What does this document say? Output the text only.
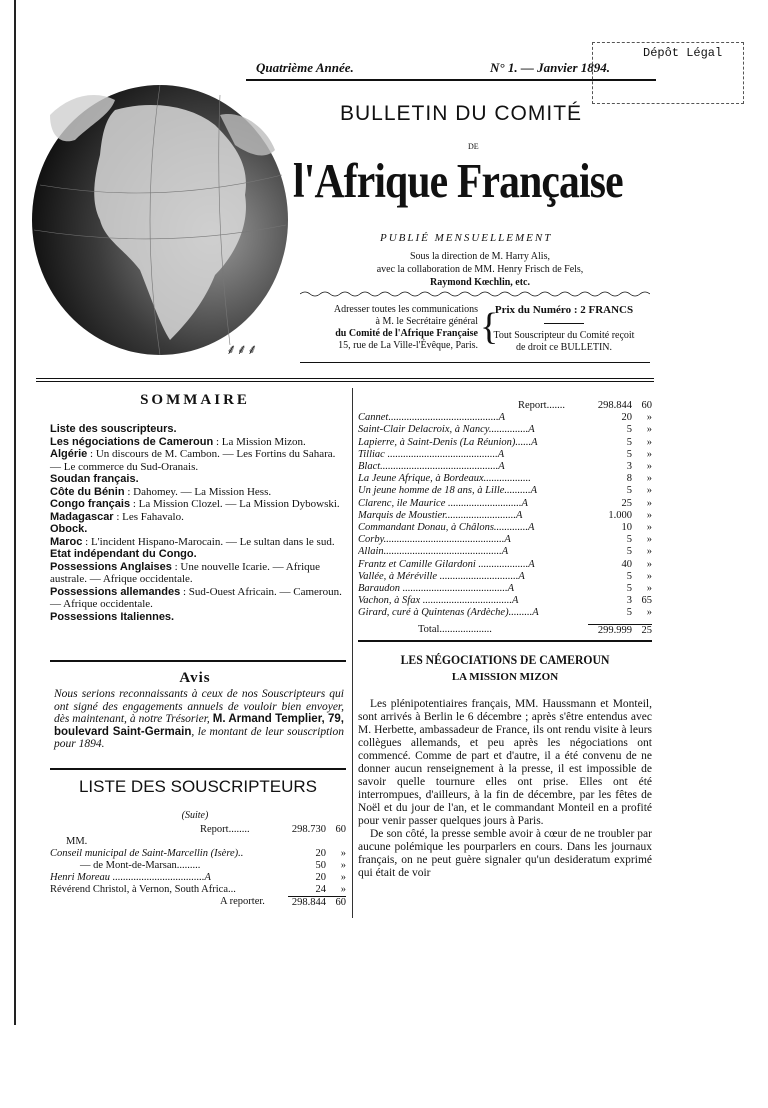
Quatrième Année.	N° 1. — Janvier 1894.
Dépôt Légal
BULLETIN DU COMITÉ
DE
l'Afrique Française
PUBLIÉ MENSUELLEMENT
Sous la direction de M. Harry Alis,
avec la collaboration de MM. Henry Frisch de Fels,
Raymond Kœchlin, etc.
Adresser toutes les communications
à M. le Secrétaire général
du Comité de l'Afrique Française
15, rue de La Ville-l'Évêque, Paris. {
Prix du Numéro : 2 FRANCS
Tout Souscripteur du Comité reçoit
de droit ce BULLETIN.
⸙⸙⸙
SOMMAIRE
Liste des souscripteurs.
Les négociations de Cameroun : La Mission Mizon.
Algérie : Un discours de M. Cambon. — Les Fortins du Sahara. — Le commerce du Sud-Oranais.
Soudan français.
Côte du Bénin : Dahomey. — La Mission Hess.
Congo français : La Mission Clozel. — La Mission Dybowski.
Madagascar : Les Fahavalo.
Obock.
Maroc : L'incident Hispano-Marocain. — Le sultan dans le sud.
Etat indépendant du Congo.
Possessions Anglaises : Une nouvelle Icarie. — Afrique australe. — Afrique occidentale.
Possessions allemandes : Sud-Ouest Africain. — Cameroun. — Afrique occidentale.
Possessions Italiennes.
Avis
Nous serions reconnaissants à ceux de nos Souscripteurs qui ont signé des engagements annuels de vouloir bien envoyer, dès maintenant, à notre Trésorier, M. Armand Templier, 79, boulevard Saint-Germain, le montant de leur souscription pour 1894.
LISTE DES SOUSCRIPTEURS
(Suite)
Report........	298.730 60
MM.
Conseil municipal de Saint-Marcellin (Isère)..	20	»
— de Mont-de-Marsan.........	50	»
Henri Moreau ...................................A	20	»
Révérend Christol, à Vernon, South Africa...	24	»
A reporter.	298.844 60
Report.......	298.844 60
Cannet..........................................A	20	»
Saint-Clair Delacroix, à Nancy...............A	5	»
Lapierre, à Saint-Denis (La Réunion)......A	5	»
Tilliac ..........................................A	5	»
Blact.............................................A	3	»
La Jeune Afrique, à Bordeaux..................	8	»
Un jeune homme de 18 ans, à Lille..........A	5	»
Clarenc, ile Maurice ............................A	25	»
Marquis de Moustier...........................A	1.000	»
Commandant Donau, à Châlons.............A	10	»
Corby..............................................A	5	»
Allain.............................................A	5	»
Frantz et Camille Gilardoni ...................A	40	»
Vallée, à Méréville ..............................A	5	»
Baraudon ........................................A	5	»
Vachon, à Sfax ..................................A	3 65
Girard, curé à Quintenas (Ardèche).........A	5	»
Total....................	299.999 25
LES NÉGOCIATIONS DE CAMEROUN
LA MISSION MIZON

Les plénipotentiaires français, MM. Haussmann et Monteil, sont arrivés à Berlin le 6 décembre ; après s'être entendus avec M. Herbette, ambassadeur de France, ils ont rendu visite à leurs collègues allemands, et peu après les négociations ont commencé. Comme de part et d'autre, il a été convenu de ne donner aucun renseignement à la presse, il est impossible de savoir quelle tournure elles ont prise. Elles ont été interrompues, d'ailleurs, à la fin de décembre, par les fêtes de Noël et du jour de l'an, et le commandant Monteil en a profité pour venir passer quelques jours à Paris.

De son côté, la presse semble avoir à cœur de ne troubler par aucune polémique les pourparlers en cours. Dans les journaux français, on ne peut guère signaler qu'un desideratum exprimé qui était de voir
